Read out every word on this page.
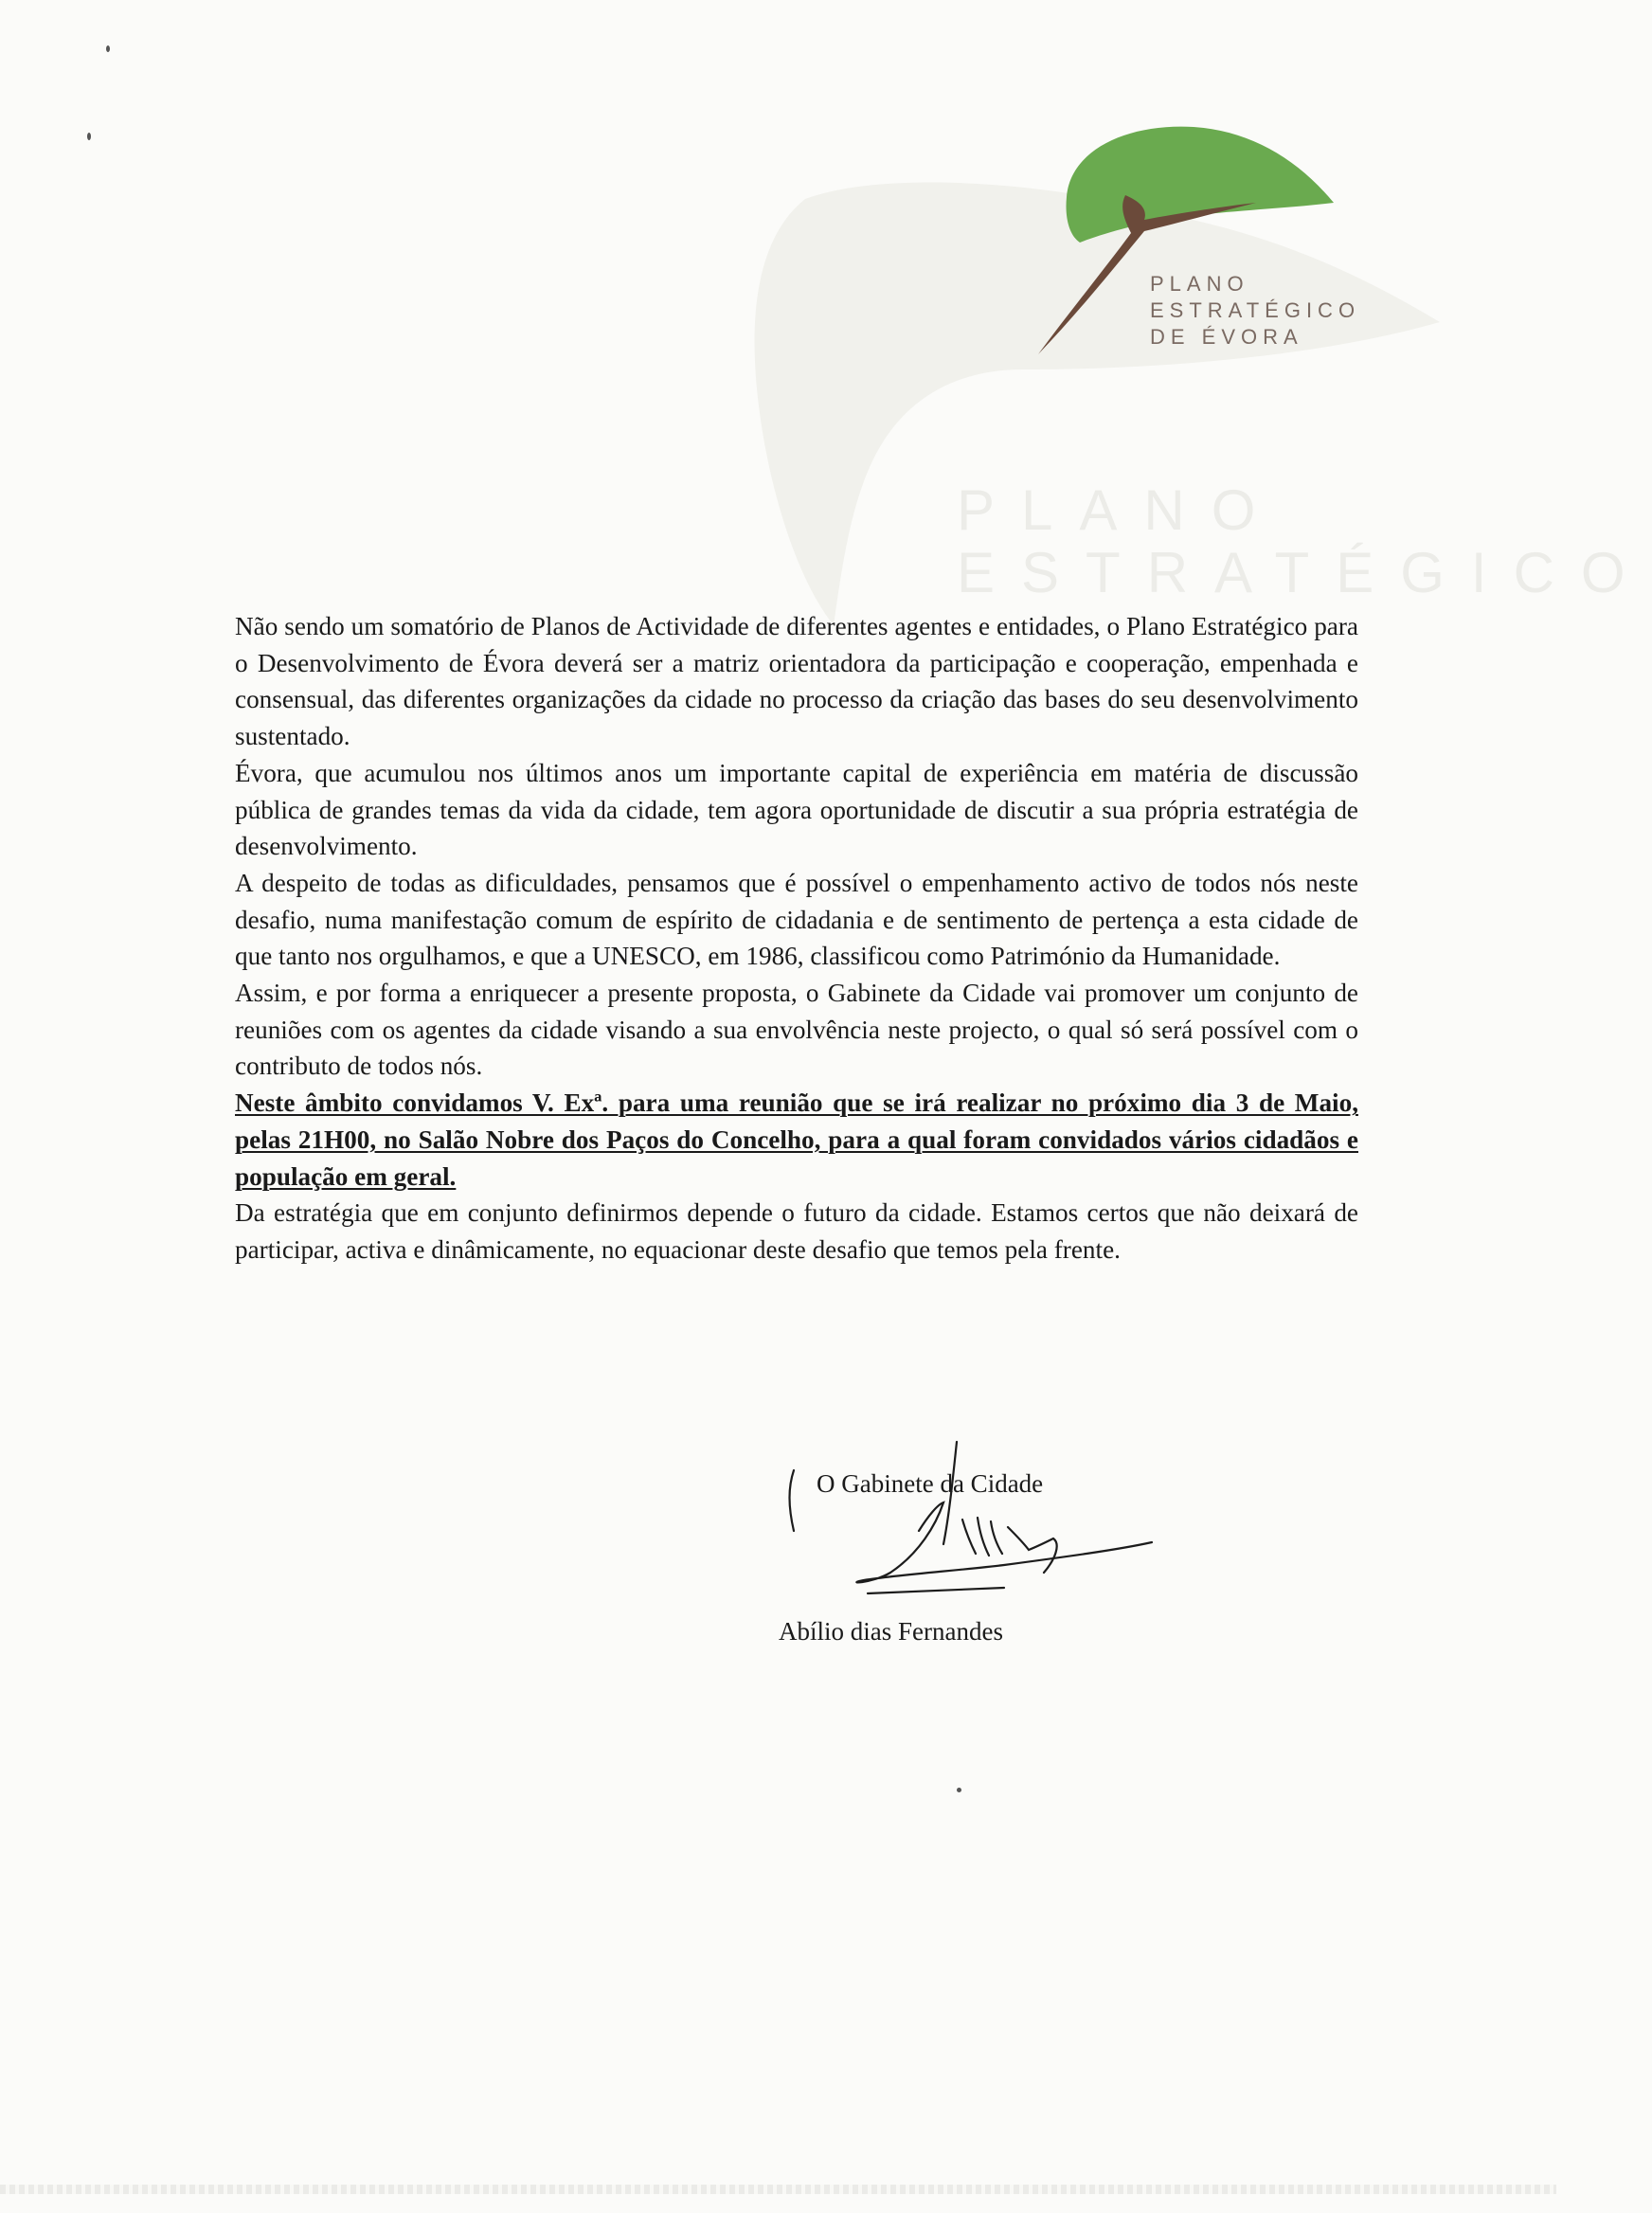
PLANO
ESTRATÉGICO
PLANO
ESTRATÉGICO
DE ÉVORA

Não sendo um somatório de Planos de Actividade de diferentes agentes e entidades, o Plano Estratégico para o Desenvolvimento de Évora deverá ser a matriz orientadora da participação e cooperação, empenhada e consensual, das diferentes organizações da cidade no processo da criação das bases do seu desenvolvimento sustentado.

Évora, que acumulou nos últimos anos um importante capital de experiência em matéria de discussão pública de grandes temas da vida da cidade, tem agora oportunidade de discutir a sua própria estratégia de desenvolvimento.

A despeito de todas as dificuldades, pensamos que é possível o empenhamento activo de todos nós neste desafio, numa manifestação comum de espírito de cidadania e de sentimento de pertença a esta cidade de que tanto nos orgulhamos, e que a UNESCO, em 1986, classificou como Património da Humanidade.

Assim, e por forma a enriquecer a presente proposta, o Gabinete da Cidade vai promover um conjunto de reuniões com os agentes da cidade visando a sua envolvência neste projecto, o qual só será possível com o contributo de todos nós.

Neste âmbito convidamos V. Exª. para uma reunião que se irá realizar no próximo dia 3 de Maio, pelas 21H00, no Salão Nobre dos Paços do Concelho, para a qual foram convidados vários cidadãos e população em geral.

Da estratégia que em conjunto definirmos depende o futuro da cidade. Estamos certos que não deixará de participar, activa e dinâmicamente, no equacionar deste desafio que temos pela frente.

O Gabinete da Cidade
Abílio dias Fernandes
